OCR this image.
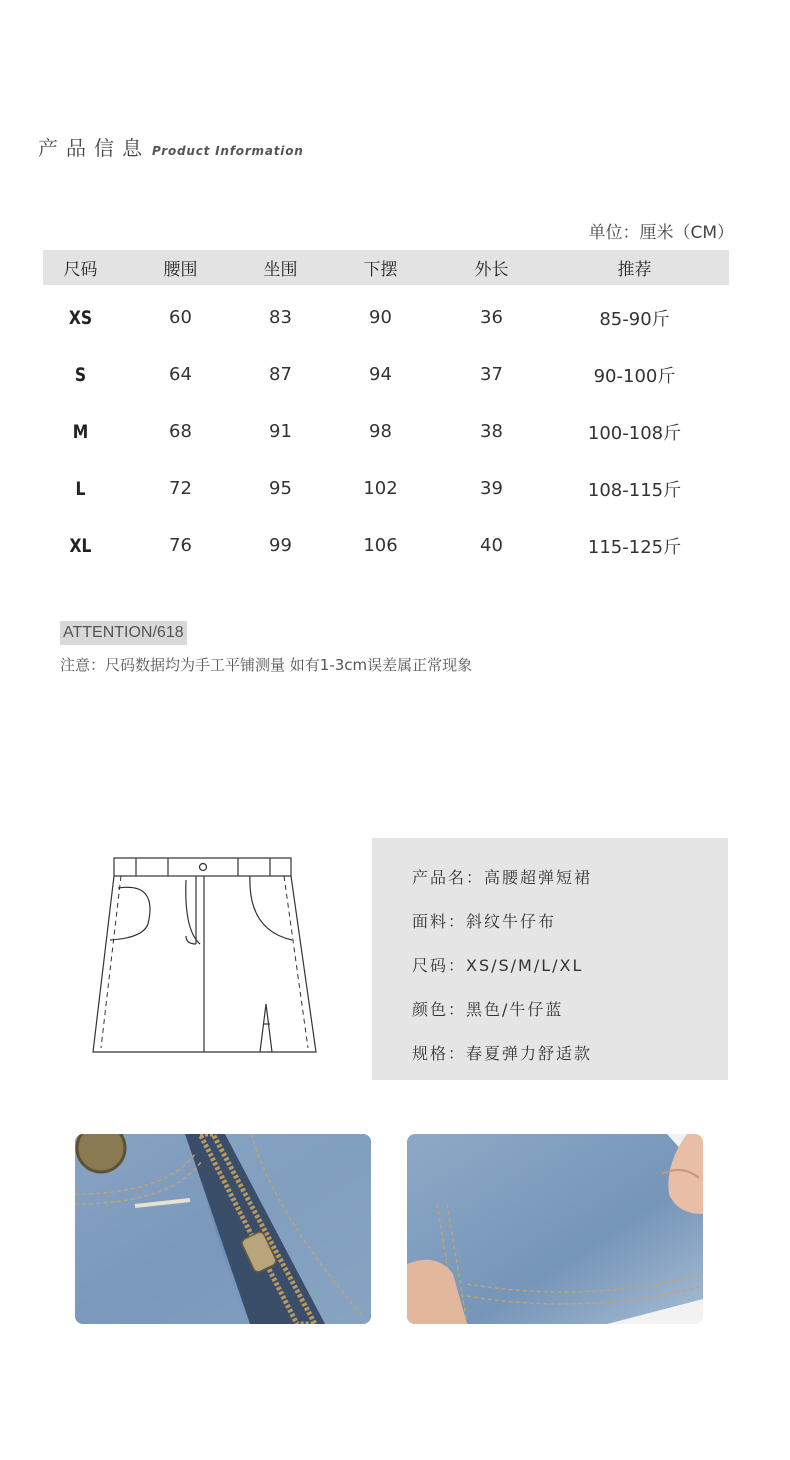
产品信息 Product Information
单位：厘米（CM）
尺码	腰围	坐围	下摆	外长	推荐
XS	60	83	90	36	85-90斤
S	64	87	94	37	90-100斤
M	68	91	98	38	100-108斤
L	72	95	102	39	108-115斤
XL	76	99	106	40	115-125斤
ATTENTION/618
注意：尺码数据均为手工平铺测量 如有1-3cm误差属正常现象
产品名：高腰超弹短裙
面料：斜纹牛仔布
尺码：XS/S/M/L/XL
颜色：黑色/牛仔蓝
规格：春夏弹力舒适款
